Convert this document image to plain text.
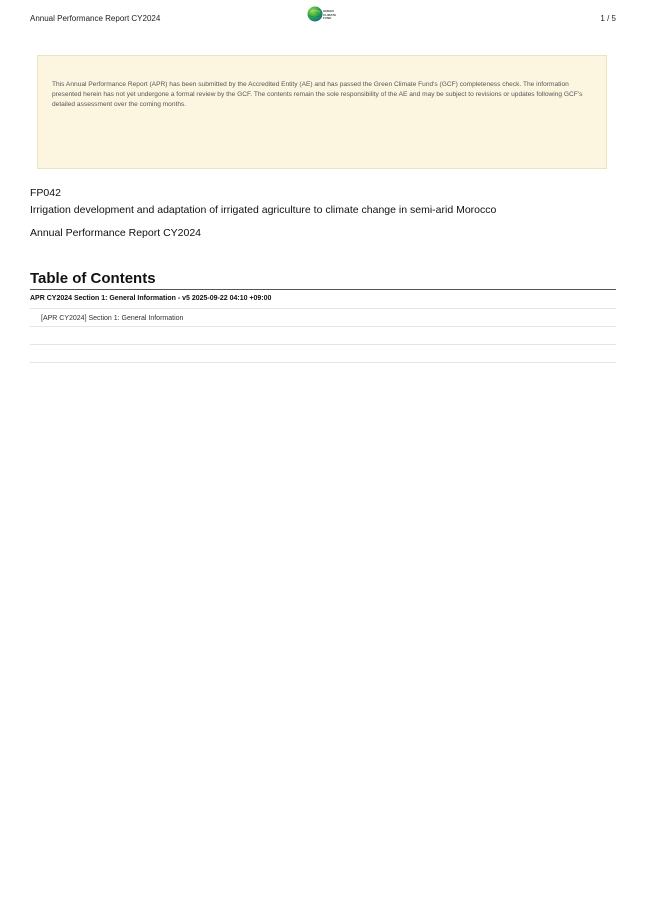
Annual Performance Report CY2024
GREEN
CLIMATE
FUND	1 / 5

This Annual Performance Report (APR) has been submitted by the Accredited Entity (AE) and has passed the Green Climate Fund's (GCF) completeness check. The information presented herein has not yet undergone a formal review by the GCF. The contents remain the sole responsibility of the AE and may be subject to revisions or updates following GCF's detailed assessment over the coming months.

FP042
Irrigation development and adaptation of irrigated agriculture to climate change in semi-arid Morocco
Annual Performance Report CY2024
Table of Contents
APR CY2024 Section 1: General Information - v5 2025-09-22 04:10 +09:00
[APR CY2024] Section 1: General Information
